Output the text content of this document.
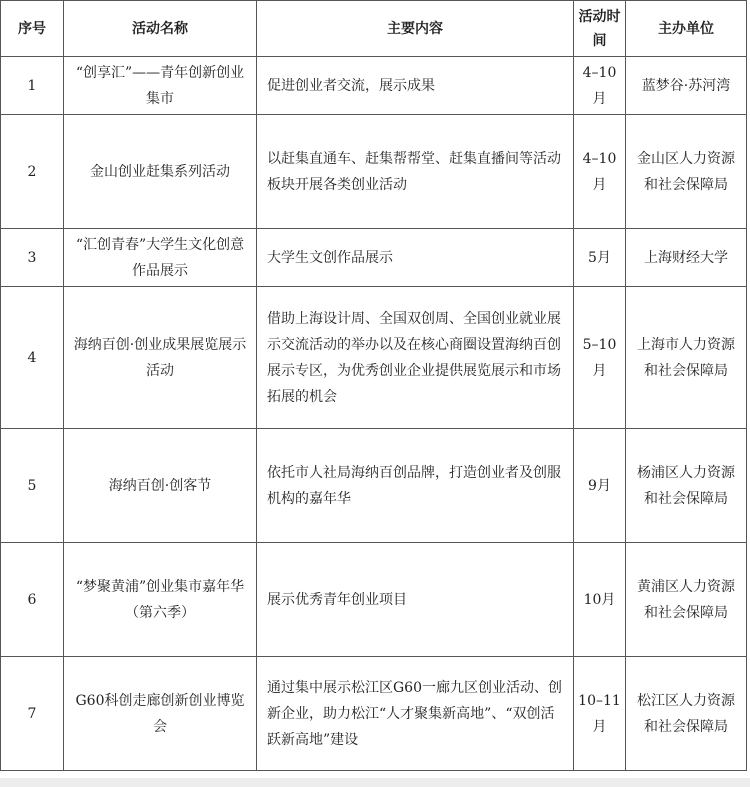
序号	活动名称	主要内容	活动时间	主办单位
1	“创享汇”——青年创新创业集市	促进创业者交流，展示成果	4–10月	蓝梦谷·苏河湾
2	金山创业赶集系列活动	以赶集直通车、赶集帮帮堂、赶集直播间等活动板块开展各类创业活动	4–10月	金山区人力资源和社会保障局
3	“汇创青春”大学生文化创意作品展示	大学生文创作品展示	5月	上海财经大学
4	海纳百创·创业成果展览展示活动	借助上海设计周、全国双创周、全国创业就业展示交流活动的举办以及在核心商圈设置海纳百创展示专区，为优秀创业企业提供展览展示和市场拓展的机会	5–10月	上海市人力资源和社会保障局
5	海纳百创·创客节	依托市人社局海纳百创品牌，打造创业者及创服机构的嘉年华	9月	杨浦区人力资源和社会保障局
6	“梦聚黄浦”创业集市嘉年华（第六季）	展示优秀青年创业项目	10月	黄浦区人力资源和社会保障局
7	G60科创走廊创新创业博览会	通过集中展示松江区G60一廊九区创业活动、创新企业，助力松江“人才聚集新高地”、“双创活跃新高地”建设	10–11月	松江区人力资源和社会保障局
